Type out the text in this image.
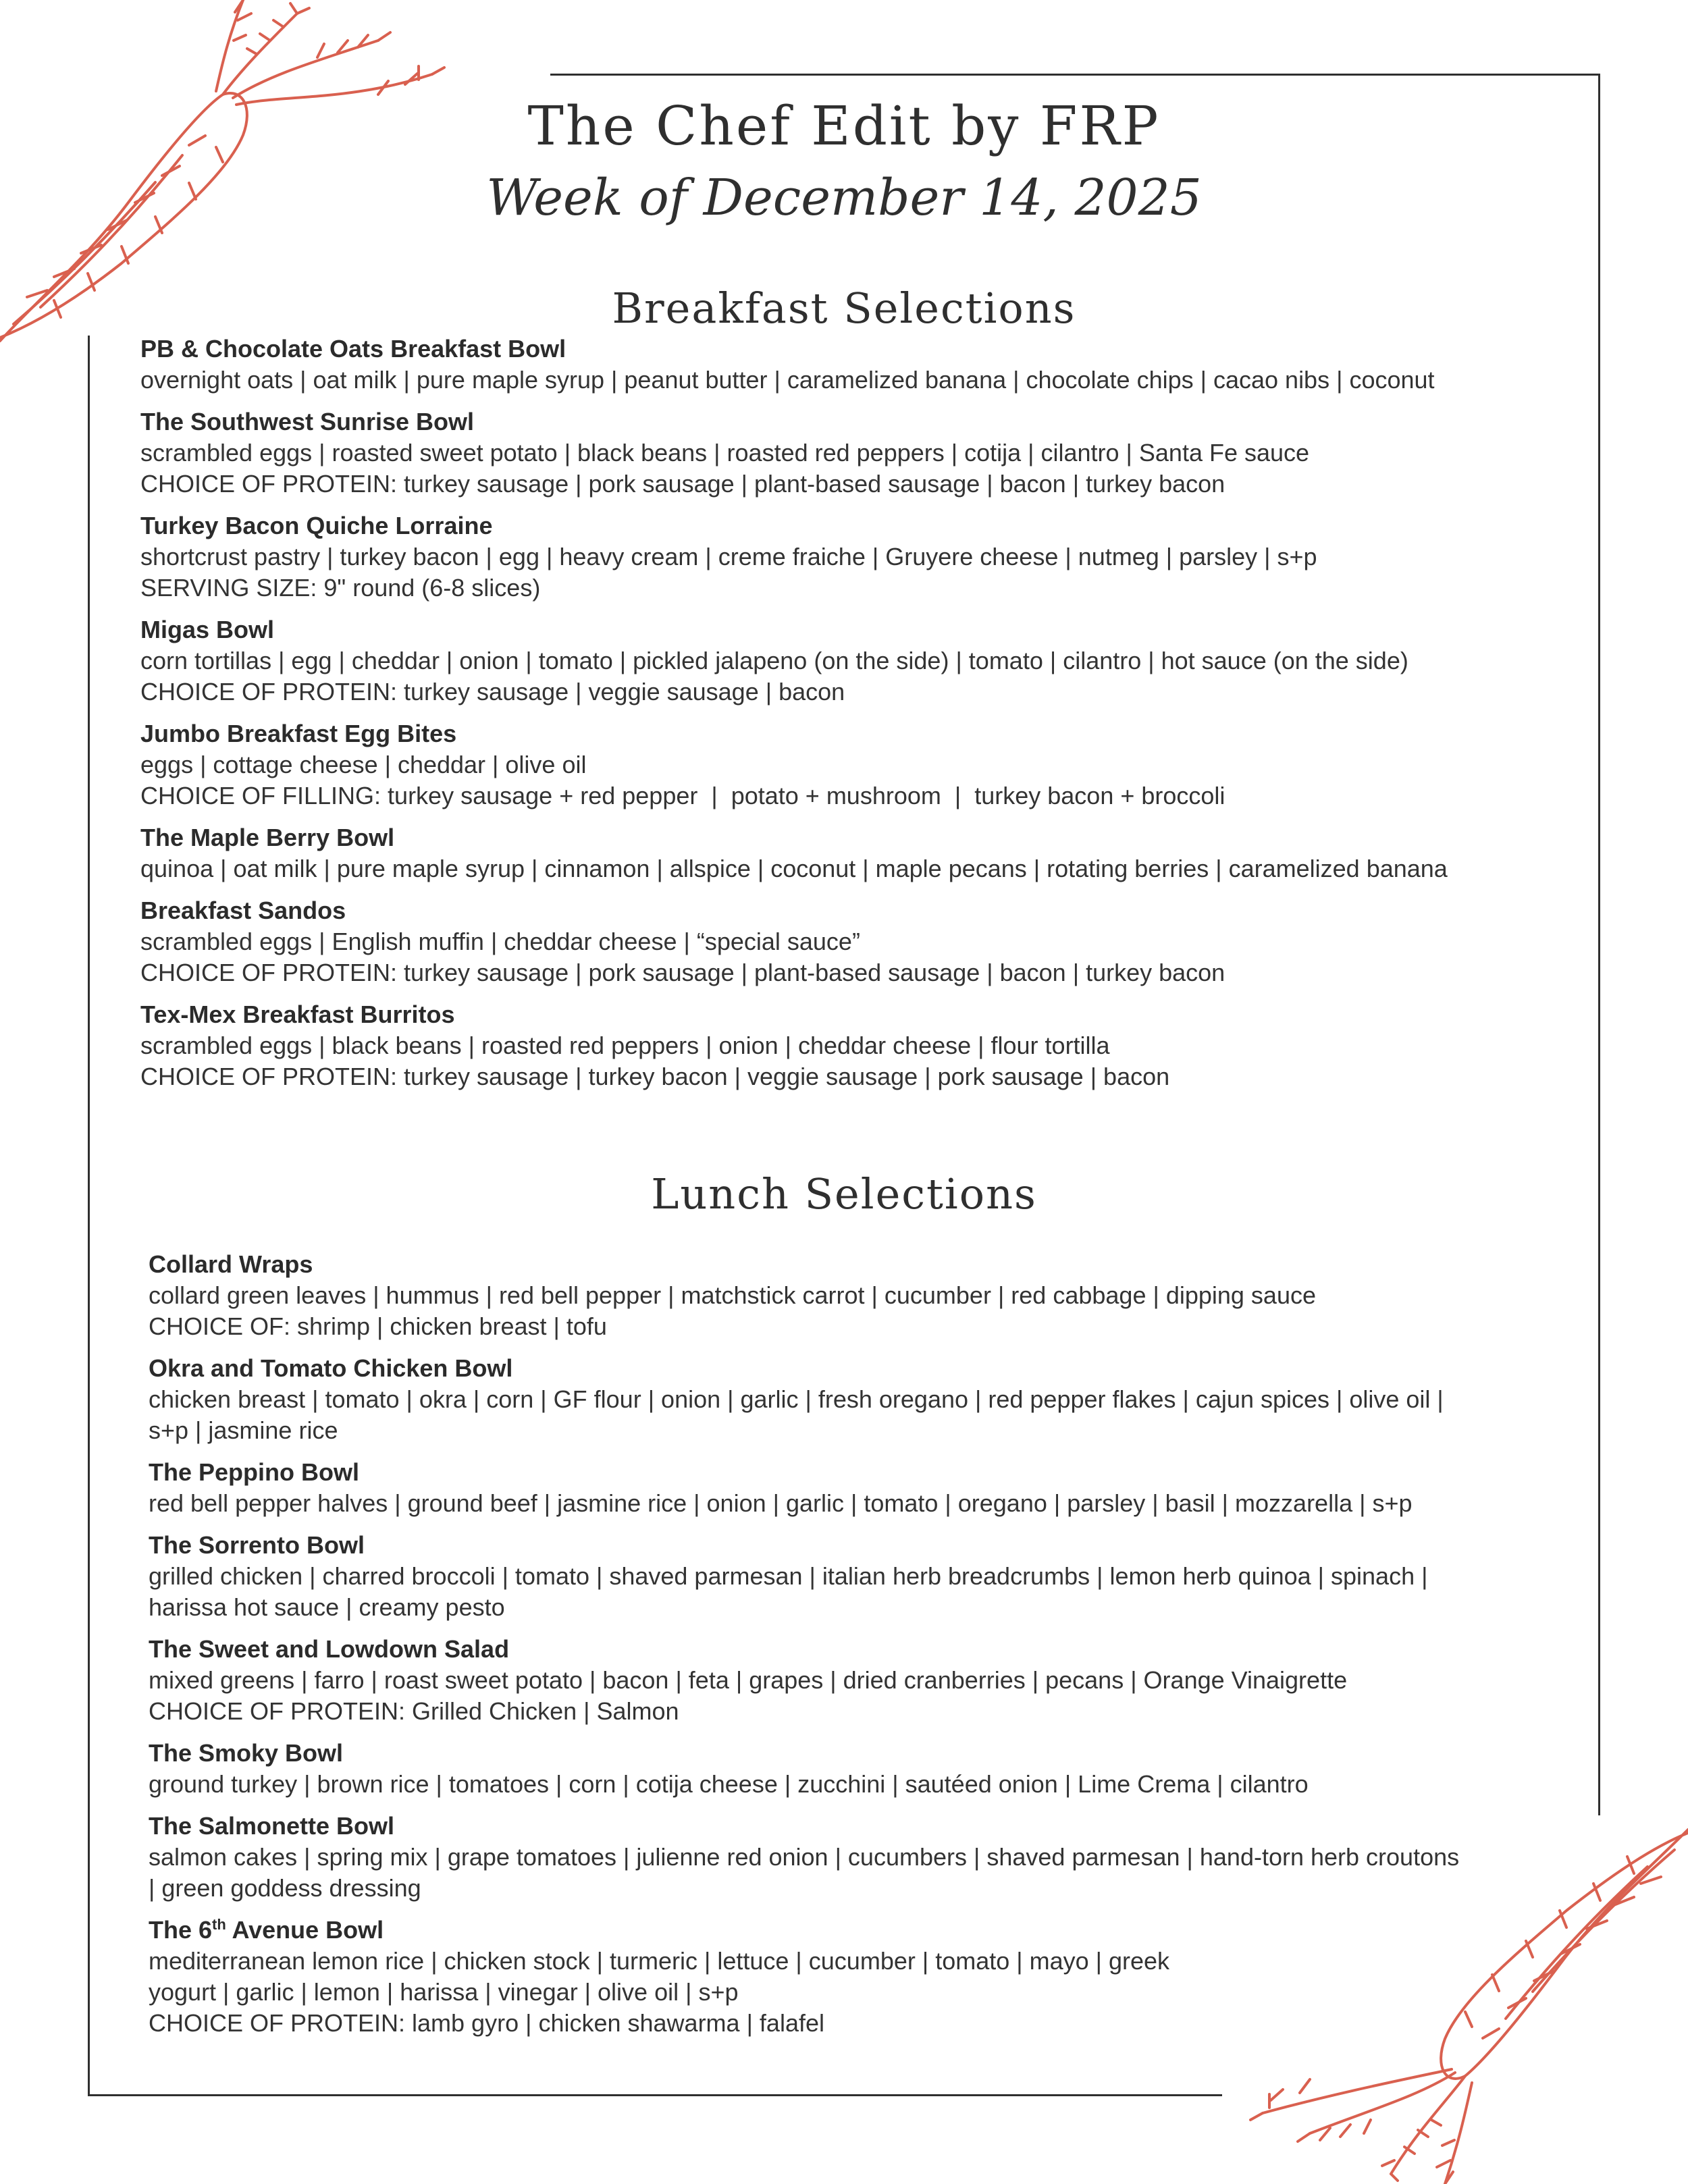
The Chef Edit by FRP
Week of December 14, 2025
Breakfast Selections
PB & Chocolate Oats Breakfast Bowl
overnight oats | oat milk | pure maple syrup | peanut butter | caramelized banana | chocolate chips | cacao nibs | coconut
The Southwest Sunrise Bowl
scrambled eggs | roasted sweet potato | black beans | roasted red peppers | cotija | cilantro | Santa Fe sauce
CHOICE OF PROTEIN: turkey sausage | pork sausage | plant-based sausage | bacon | turkey bacon
Turkey Bacon Quiche Lorraine
shortcrust pastry | turkey bacon | egg | heavy cream | creme fraiche | Gruyere cheese | nutmeg | parsley | s+p
SERVING SIZE: 9" round (6-8 slices)
Migas Bowl
corn tortillas | egg | cheddar | onion | tomato | pickled jalapeno (on the side) | tomato | cilantro | hot sauce (on the side)
CHOICE OF PROTEIN: turkey sausage | veggie sausage | bacon
Jumbo Breakfast Egg Bites
eggs | cottage cheese | cheddar | olive oil
CHOICE OF FILLING: turkey sausage + red pepper  |  potato + mushroom  |  turkey bacon + broccoli
The Maple Berry Bowl
quinoa | oat milk | pure maple syrup | cinnamon | allspice | coconut | maple pecans | rotating berries | caramelized banana
Breakfast Sandos
scrambled eggs | English muffin | cheddar cheese | “special sauce”
CHOICE OF PROTEIN: turkey sausage | pork sausage | plant-based sausage | bacon | turkey bacon
Tex-Mex Breakfast Burritos
scrambled eggs | black beans | roasted red peppers | onion | cheddar cheese | flour tortilla
CHOICE OF PROTEIN: turkey sausage | turkey bacon | veggie sausage | pork sausage | bacon
Lunch Selections
Collard Wraps
collard green leaves | hummus | red bell pepper | matchstick carrot | cucumber | red cabbage | dipping sauce
CHOICE OF: shrimp | chicken breast | tofu
Okra and Tomato Chicken Bowl
chicken breast | tomato | okra | corn | GF flour | onion | garlic | fresh oregano | red pepper flakes | cajun spices | olive oil |
s+p | jasmine rice
The Peppino Bowl
red bell pepper halves | ground beef | jasmine rice | onion | garlic | tomato | oregano | parsley | basil | mozzarella | s+p
The Sorrento Bowl
grilled chicken | charred broccoli | tomato | shaved parmesan | italian herb breadcrumbs | lemon herb quinoa | spinach |
harissa hot sauce | creamy pesto
The Sweet and Lowdown Salad
mixed greens | farro | roast sweet potato | bacon | feta | grapes | dried cranberries | pecans | Orange Vinaigrette
CHOICE OF PROTEIN: Grilled Chicken | Salmon
The Smoky Bowl
ground turkey | brown rice | tomatoes | corn | cotija cheese | zucchini | sautéed onion | Lime Crema | cilantro
The Salmonette Bowl
salmon cakes | spring mix | grape tomatoes | julienne red onion | cucumbers | shaved parmesan | hand-torn herb croutons
| green goddess dressing
The 6th Avenue Bowl
mediterranean lemon rice | chicken stock | turmeric | lettuce | cucumber | tomato | mayo | greek
yogurt | garlic | lemon | harissa | vinegar | olive oil | s+p
CHOICE OF PROTEIN: lamb gyro | chicken shawarma | falafel
